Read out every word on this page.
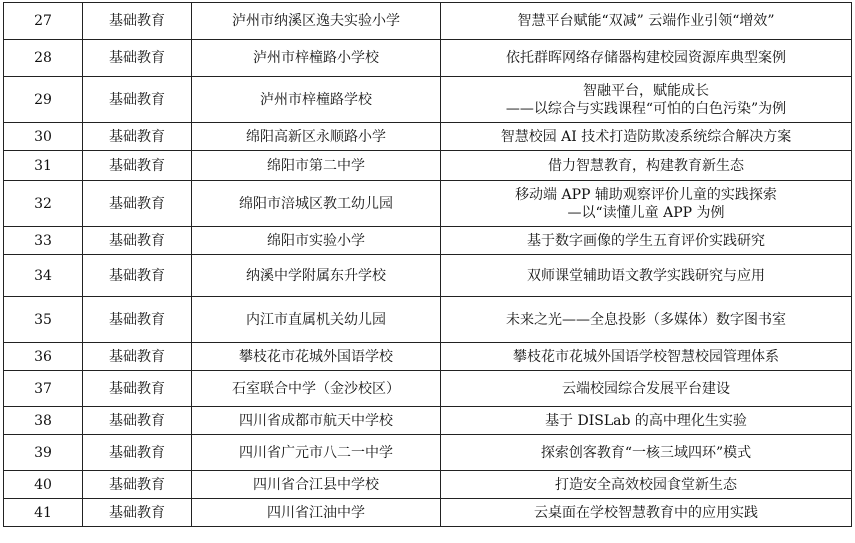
27	基础教育	泸州市纳溪区逸夫实验小学	智慧平台赋能“双减” 云端作业引领“增效”

28	基础教育	泸州市梓橦路小学校	依托群晖网络存储器构建校园资源库典型案例

29	基础教育	泸州市梓橦路学校	智融平台，赋能成长
——以综合与实践课程“可怕的白色污染”为例

30	基础教育	绵阳高新区永顺路小学	智慧校园 AI 技术打造防欺凌系统综合解决方案

31	基础教育	绵阳市第二中学	借力智慧教育，构建教育新生态

32	基础教育	绵阳市涪城区教工幼儿园	移动端 APP 辅助观察评价儿童的实践探索
—以“读懂儿童 APP 为例

33	基础教育	绵阳市实验小学	基于数字画像的学生五育评价实践研究

34	基础教育	纳溪中学附属东升学校	双师课堂辅助语文教学实践研究与应用

35	基础教育	内江市直属机关幼儿园	未来之光——全息投影（多媒体）数字图书室

36	基础教育	攀枝花市花城外国语学校	攀枝花市花城外国语学校智慧校园管理体系

37	基础教育	石室联合中学（金沙校区）	云端校园综合发展平台建设

38	基础教育	四川省成都市航天中学校	基于 DISLab 的高中理化生实验

39	基础教育	四川省广元市八二一中学	探索创客教育“一核三域四环”模式

40	基础教育	四川省合江县中学校	打造安全高效校园食堂新生态

41	基础教育	四川省江油中学	云桌面在学校智慧教育中的应用实践
